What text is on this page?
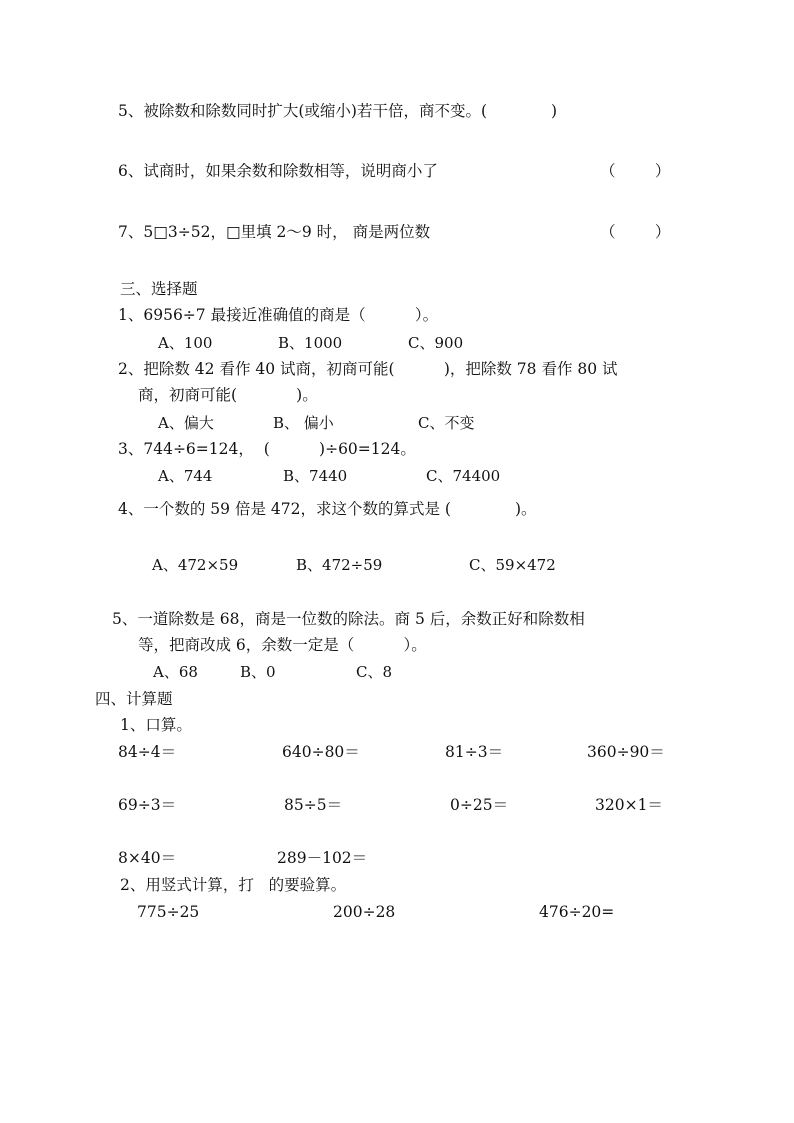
5、被除数和除数同时扩大(或缩小)若干倍，商不变。(             )
6、试商时，如果余数和除数相等，说明商小了	（        ）
7、5□3÷52，□里填 2～9 时， 商是两位数	（        ）
三、选择题
1、6956÷7 最接近准确值的商是（          ）。
A、100	B、1000	C、900
2、把除数 42 看作 40 试商，初商可能(          )，把除数 78 看作 80 试
商，初商可能(            )。
A、偏大	B、 偏小	C、不变
3、744÷6=124，  (          )÷60=124。
A、744	B、7440	C、74400
4、一个数的 59 倍是 472，求这个数的算式是 (             )。
A、472×59	B、472÷59	C、59×472
5、一道除数是 68，商是一位数的除法。商 5 后，余数正好和除数相
等，把商改成 6，余数一定是（          ）。
A、68	B、0	C、8
四、计算题
1、口算。
84÷4＝	640÷80＝	81÷3＝	360÷90＝
69÷3＝	85÷5＝	0÷25＝	320×1＝
8×40＝	289－102＝
2、用竖式计算，打   的要验算。
775÷25	200÷28	476÷20=
